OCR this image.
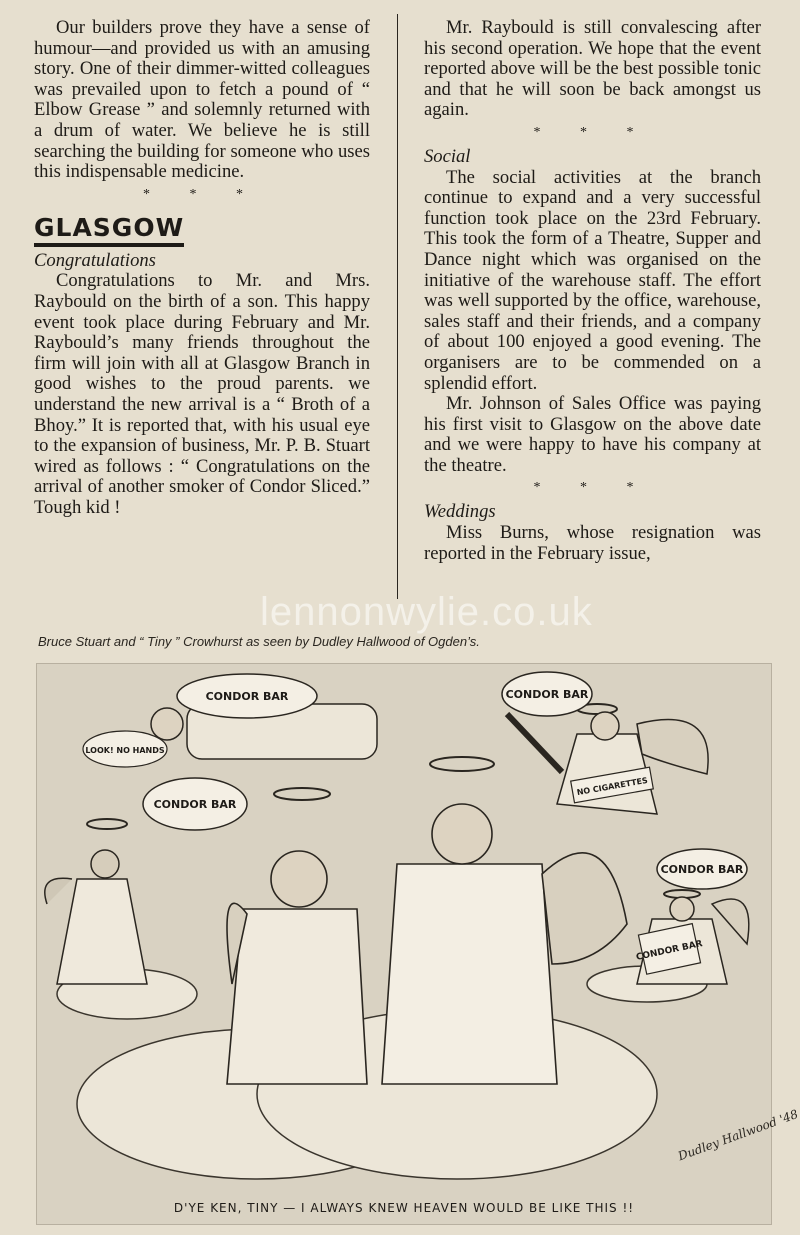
Our builders prove they have a sense of humour—and provided us with an amusing story. One of their dimmer-witted colleagues was prevailed upon to fetch a pound of “ Elbow Grease ” and solemnly returned with a drum of water. We believe he is still searching the building for someone who uses this indispensable medicine.

* * *
GLASGOW
Congratulations

Congratulations to Mr. and Mrs. Raybould on the birth of a son. This happy event took place during February and Mr. Raybould’s many friends throughout the firm will join with all at Glasgow Branch in good wishes to the proud parents. we understand the new arrival is a “ Broth of a Bhoy.” It is reported that, with his usual eye to the expansion of business, Mr. P. B. Stuart wired as follows : “ Congratulations on the arrival of another smoker of Condor Sliced.” Tough kid !

Mr. Raybould is still convalescing after his second operation. We hope that the event reported above will be the best possible tonic and that he will soon be back amongst us again.

* * *
Social

The social activities at the branch continue to expand and a very successful function took place on the 23rd February. This took the form of a Theatre, Supper and Dance night which was organised on the initiative of the warehouse staff. The effort was well supported by the office, warehouse, sales staff and their friends, and a company of about 100 enjoyed a good evening. The organisers are to be commended on a splendid effort.

Mr. Johnson of Sales Office was paying his first visit to Glasgow on the above date and we were happy to have his company at the theatre.

* * *
Weddings

Miss Burns, whose resignation was reported in the February issue,

lennonwylie.co.uk
Bruce Stuart and “ Tiny ” Crowhurst as seen by Dudley Hallwood of Ogden’s.
CONDOR BAR
CONDOR BAR
CONDOR BAR
CONDOR BAR
LOOK! NO HANDS
NO CIGARETTES
CONDOR BAR
Dudley Hallwood '48
D'YE KEN, TINY — I ALWAYS KNEW HEAVEN WOULD BE LIKE THIS !!
